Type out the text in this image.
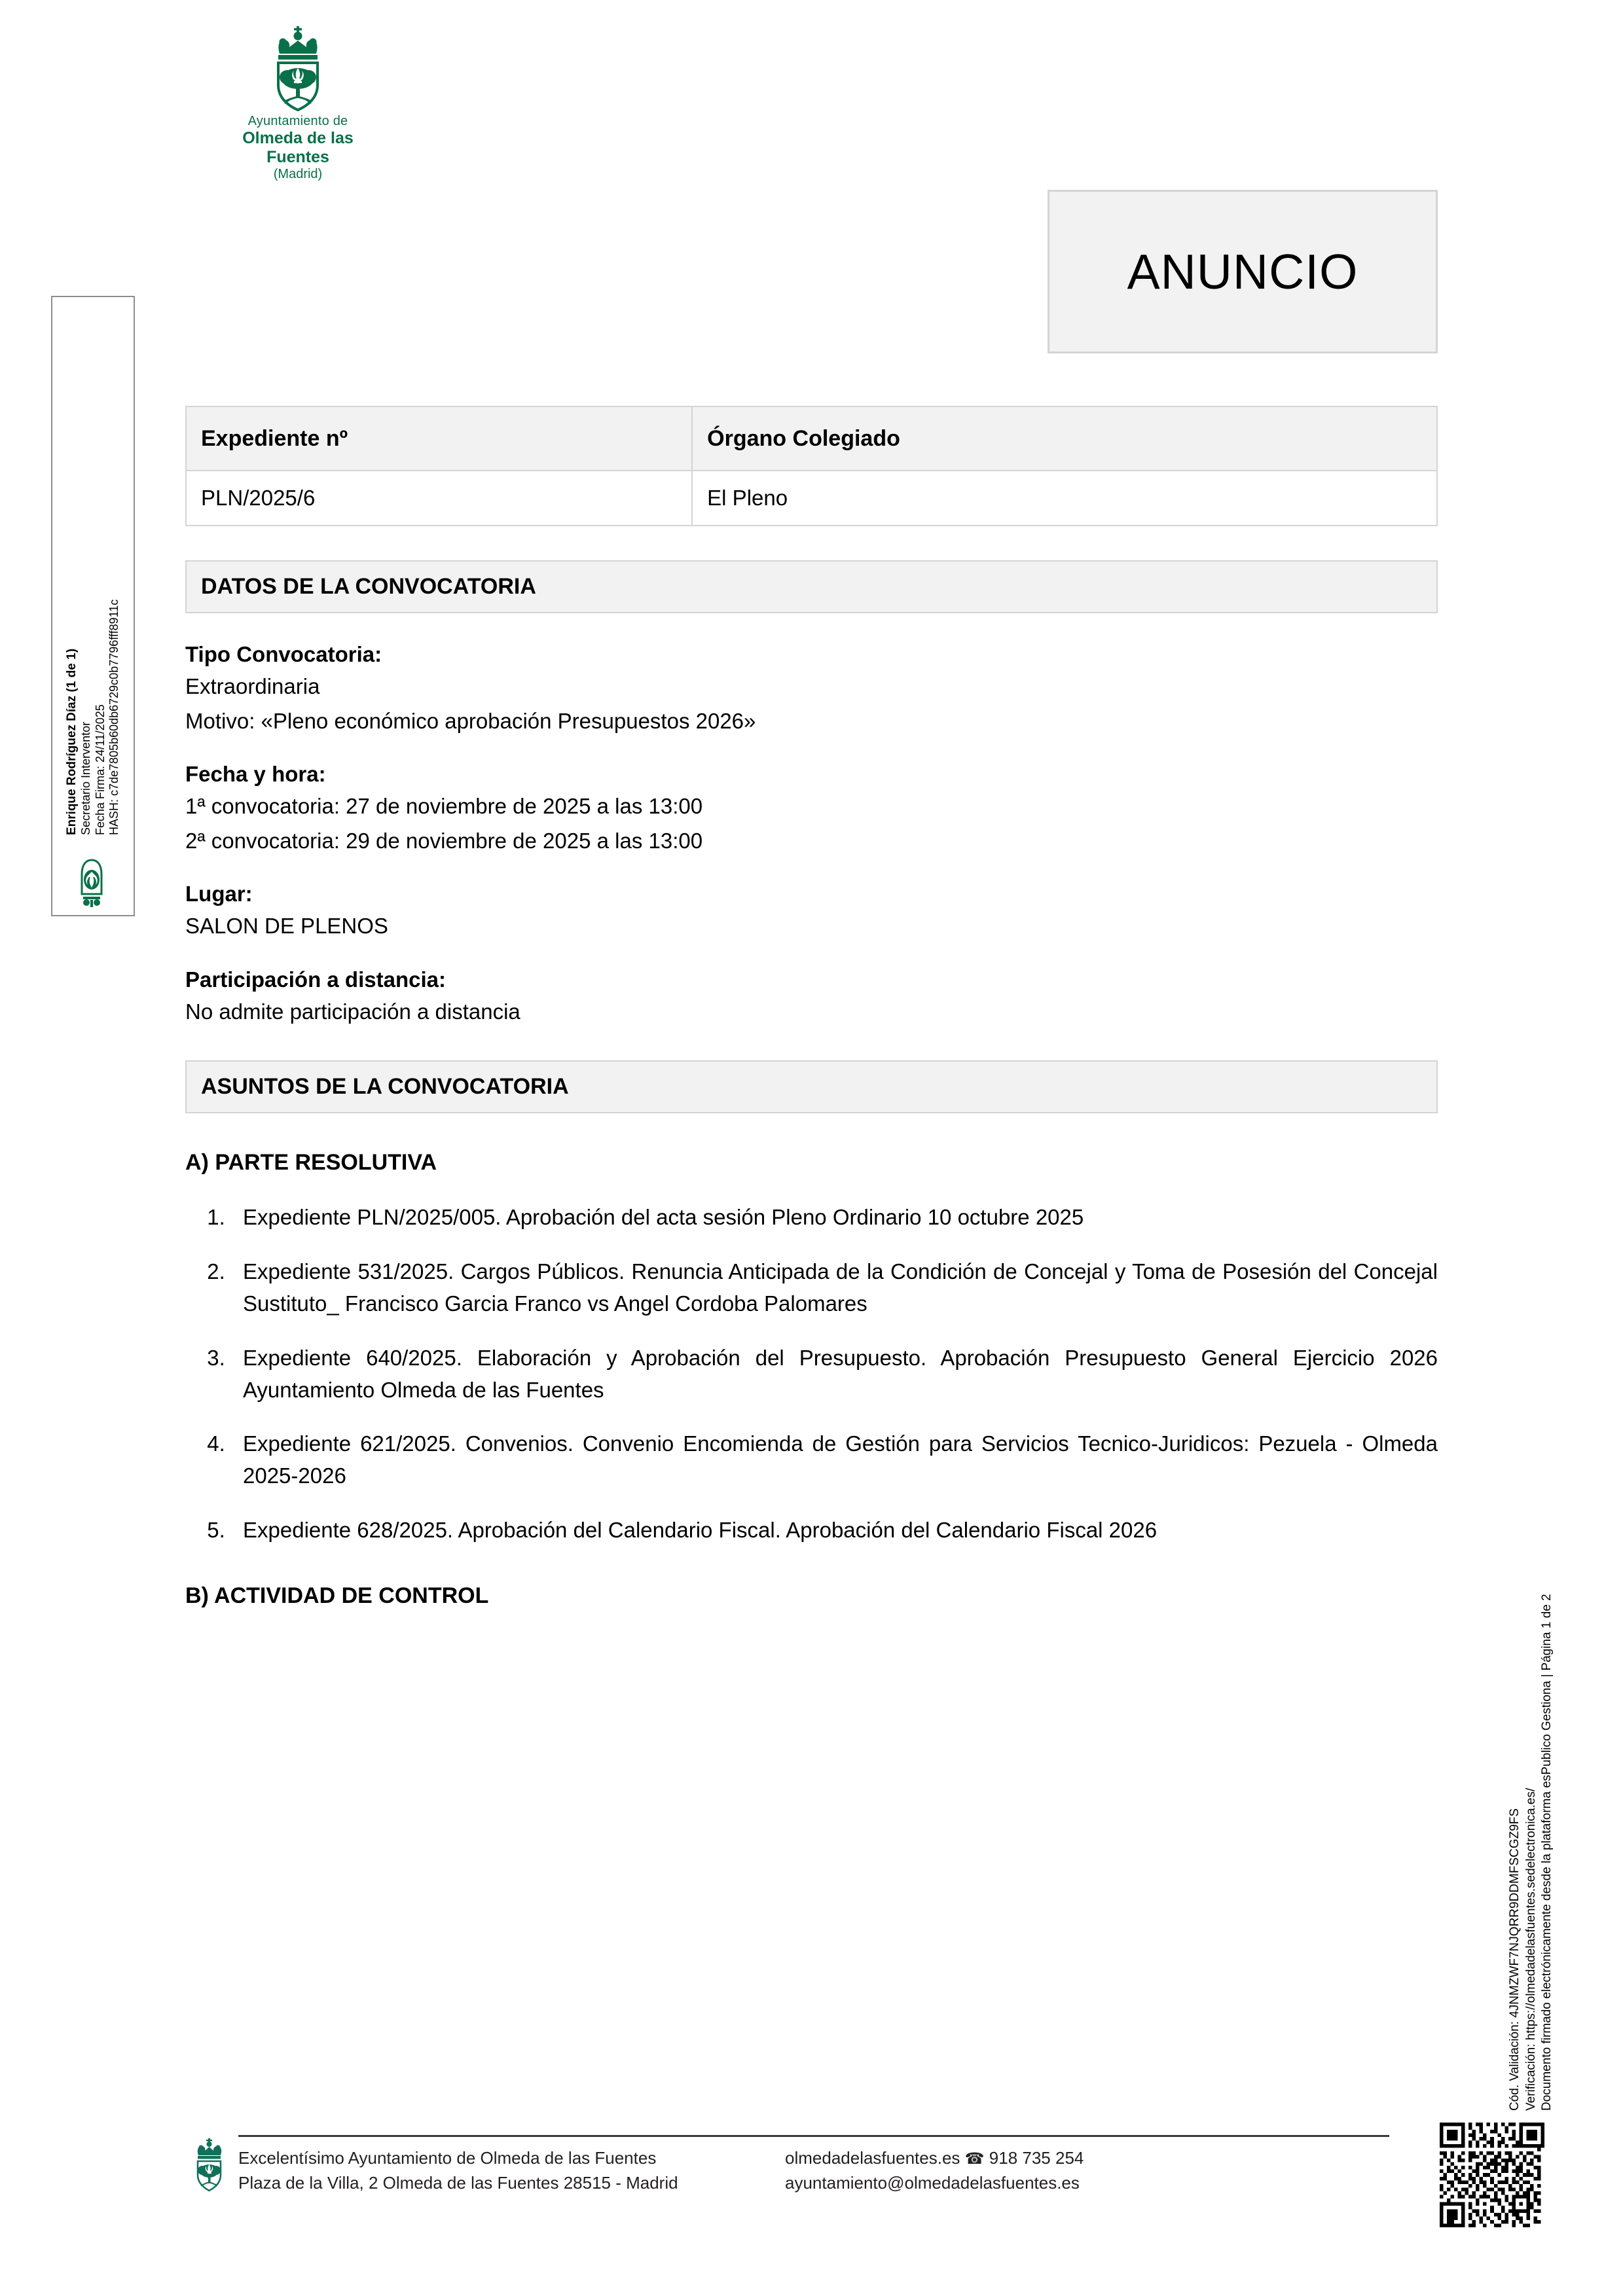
Ayuntamiento de
Olmeda de las Fuentes
(Madrid)
ANUNCIO
Enrique Rodríguez Díaz (1 de 1) Secretario Interventor Fecha Firma: 24/11/2025 HASH: c7de7805b60db6729c0b7796fff8911c
Cód. Validación: 4JNMZWF7NJQRR9DDMFSCGZ9FS Verificación: https://olmedadelasfuentes.sedelectronica.es/ Documento firmado electrónicamente desde la plataforma esPublico Gestiona | Página 1 de 2
Expediente nº	Órgano Colegiado
PLN/2025/6	El Pleno
DATOS DE LA CONVOCATORIA
Tipo Convocatoria:
Extraordinaria
Motivo: «Pleno económico aprobación Presupuestos 2026»
Fecha y hora:
1ª convocatoria: 27 de noviembre de 2025 a las 13:00
2ª convocatoria: 29 de noviembre de 2025 a las 13:00
Lugar:
SALON DE PLENOS
Participación a distancia:
No admite participación a distancia
ASUNTOS DE LA CONVOCATORIA
A) PARTE RESOLUTIVA
1. Expediente PLN/2025/005. Aprobación del acta sesión Pleno Ordinario 10 octubre 2025
2. Expediente 531/2025. Cargos Públicos. Renuncia Anticipada de la Condición de Concejal y Toma de Posesión del Concejal Sustituto_ Francisco Garcia Franco vs Angel Cordoba Palomares
3. Expediente 640/2025. Elaboración y Aprobación del Presupuesto. Aprobación Presupuesto General Ejercicio 2026 Ayuntamiento Olmeda de las Fuentes
4. Expediente 621/2025. Convenios. Convenio Encomienda de Gestión para Servicios Tecnico-Juridicos: Pezuela - Olmeda 2025-2026
5. Expediente 628/2025. Aprobación del Calendario Fiscal. Aprobación del Calendario Fiscal 2026
B) ACTIVIDAD DE CONTROL
Excelentísimo Ayuntamiento de Olmeda de las Fuentes
Plaza de la Villa, 2 Olmeda de las Fuentes 28515 - Madrid
olmedadelasfuentes.es ☎ 918 735 254
ayuntamiento@olmedadelasfuentes.es
